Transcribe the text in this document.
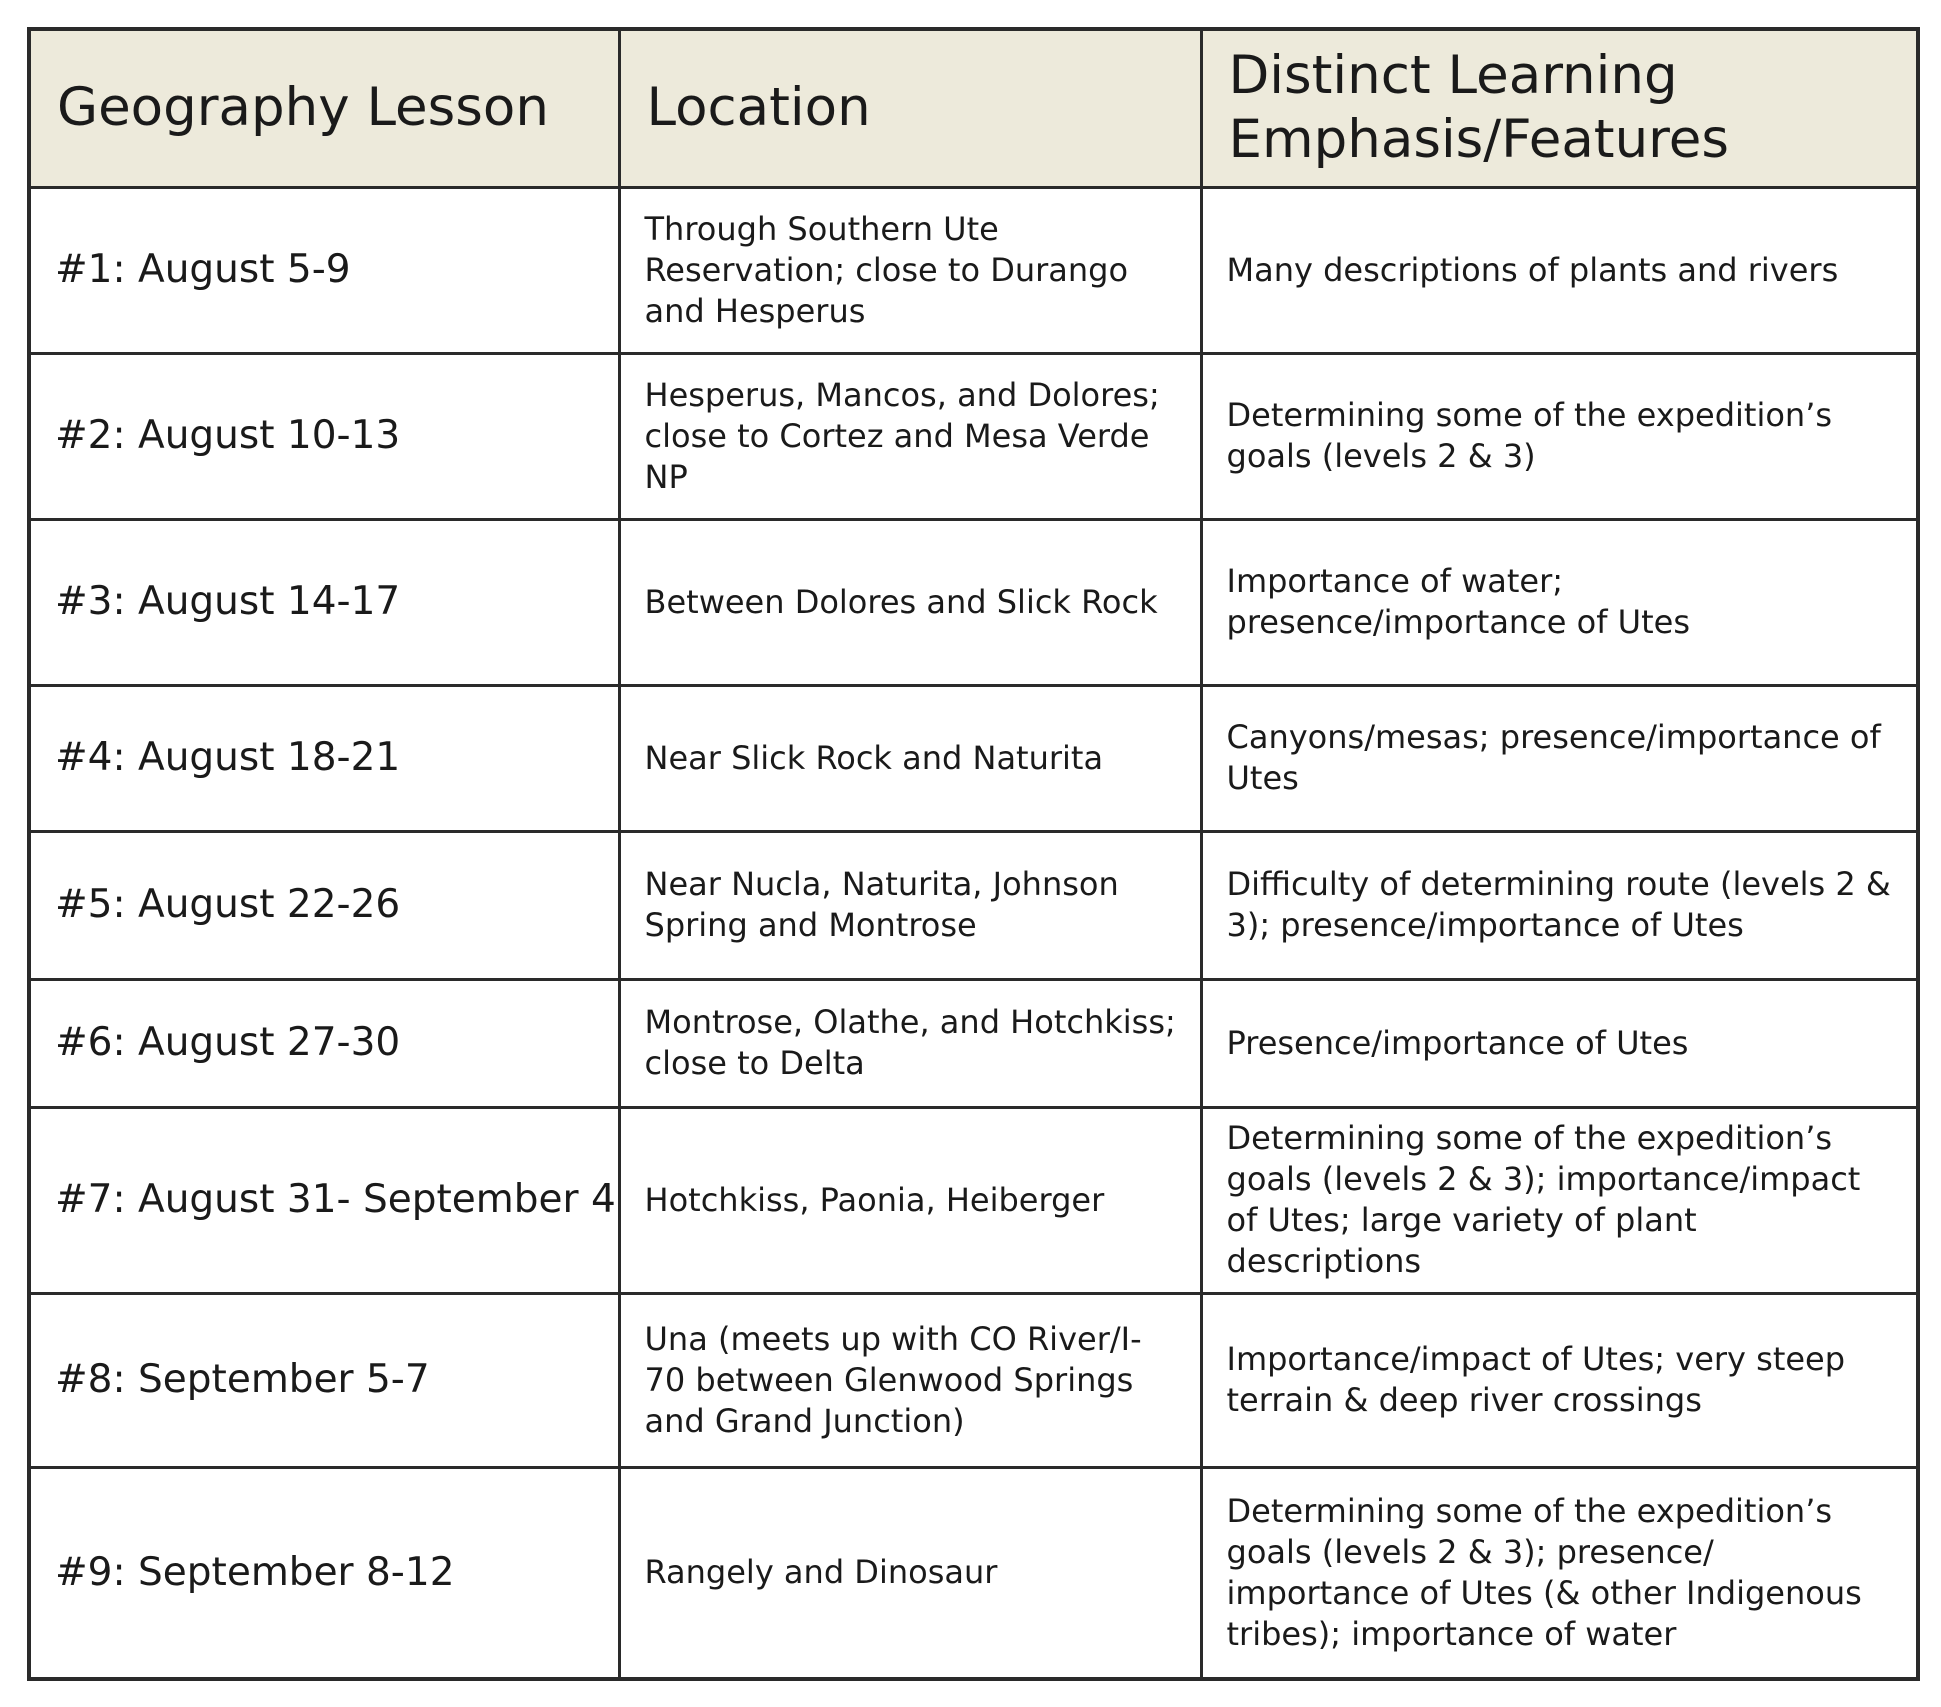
Geography Lesson	Location	Distinct Learning Emphasis/Features
#1: August 5-9	Through Southern Ute Reservation; close to Durango and Hesperus	Many descriptions of plants and rivers
#2: August 10-13	Hesperus, Mancos, and Dolores; close to Cortez and Mesa Verde NP	Determining some of the expedition’s goals (levels 2 & 3)
#3: August 14-17	Between Dolores and Slick Rock	Importance of water; presence/importance of Utes
#4: August 18-21	Near Slick Rock and Naturita	Canyons/mesas; presence/importance of Utes
#5: August 22-26	Near Nucla, Naturita, Johnson Spring and Montrose	Difficulty of determining route (levels 2 & 3); presence/importance of Utes
#6: August 27-30	Montrose, Olathe, and Hotchkiss; close to Delta	Presence/importance of Utes
#7: August 31- September 4	Hotchkiss, Paonia, Heiberger	Determining some of the expedition’s goals (levels 2 & 3); importance/impact of Utes; large variety of plant descriptions
#8: September 5-7	Una (meets up with CO River/I-70 between Glenwood Springs and Grand Junction)	Importance/impact of Utes; very steep terrain & deep river crossings
#9: September 8-12	Rangely and Dinosaur	Determining some of the expedition’s goals (levels 2 & 3); presence/ importance of Utes (& other Indigenous tribes); importance of water
